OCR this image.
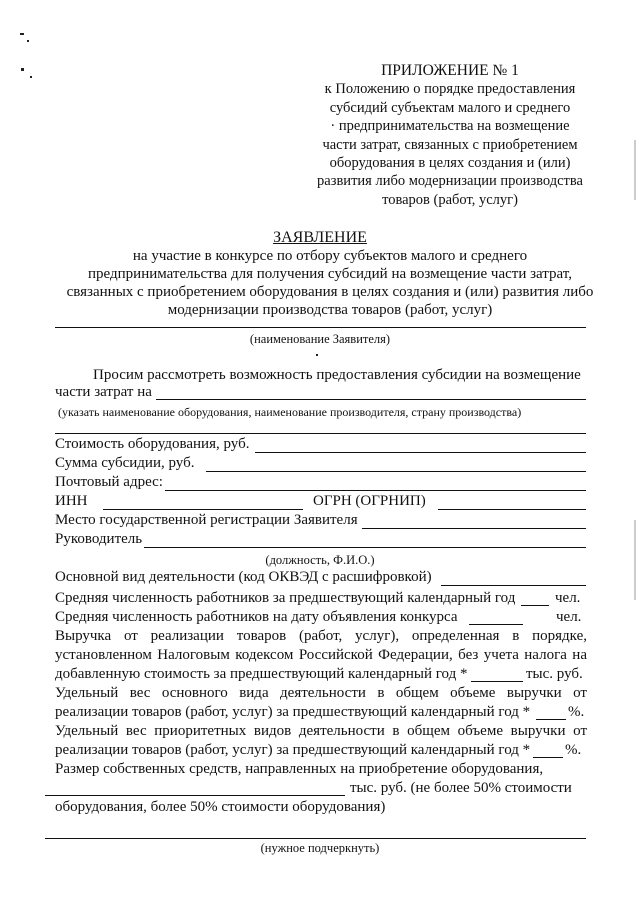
ПРИЛОЖЕНИЕ № 1
к Положению о порядке предоставления
субсидий субъектам малого и среднего
· предпринимательства на возмещение
части затрат, связанных с приобретением
оборудования в целях создания и (или)
развития либо модернизации производства
товаров (работ, услуг)
ЗАЯВЛЕНИЕ
на участие в конкурсе по отбору субъектов малого и среднего
предпринимательства для получения субсидий на возмещение части затрат,
связанных с приобретением оборудования в целях создания и (или) развития либо
модернизации производства товаров (работ, услуг)
(наименование Заявителя)
Просим рассмотреть возможность предоставления субсидии на возмещение
части затрат на
(указать наименование оборудования, наименование производителя, страну производства)
Стоимость оборудования, руб.
Сумма субсидии, руб.
Почтовый адрес:
ИНН	ОГРН (ОГРНИП)
Место государственной регистрации Заявителя
Руководитель
(должность, Ф.И.О.)
Основной вид деятельности (код ОКВЭД с расшифровкой)
Средняя численность работников за предшествующий календарный год	чел.
Средняя численность работников на дату объявления конкурса	чел.
Выручка от реализации товаров (работ, услуг), определенная в порядке,
установленном Налоговым кодексом Российской Федерации, без учета налога на
добавленную стоимость за предшествующий календарный год *	тыс. руб.
Удельный вес основного вида деятельности в общем объеме выручки от
реализации товаров (работ, услуг) за предшествующий календарный год *	%.
Удельный вес приоритетных видов деятельности в общем объеме выручки от
реализации товаров (работ, услуг) за предшествующий календарный год * %.
Размер собственных средств, направленных на приобретение оборудования,
тыс. руб. (не более 50% стоимости
оборудования, более 50% стоимости оборудования)
(нужное подчеркнуть)
